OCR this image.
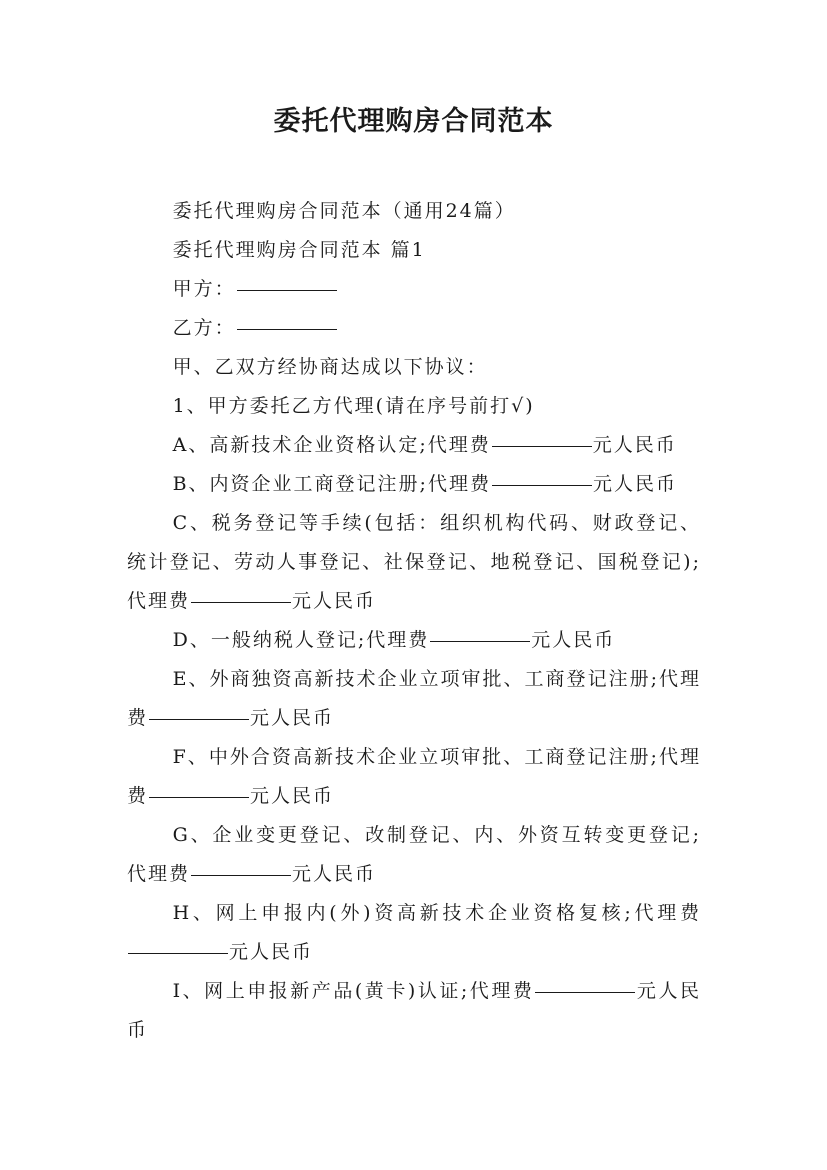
委托代理购房合同范本

委托代理购房合同范本（通用24篇）

委托代理购房合同范本 篇1

甲方：

乙方：

甲、乙双方经协商达成以下协议：

1、甲方委托乙方代理(请在序号前打√)

A、高新技术企业资格认定;代理费	元人民币

B、内资企业工商登记注册;代理费	元人民币

C、税务登记等手续(包括：组织机构代码、财政登记、统计登记、劳动人事登记、社保登记、地税登记、国税登记);代理费	元人民币

D、一般纳税人登记;代理费	元人民币

E、外商独资高新技术企业立项审批、工商登记注册;代理费	元人民币

F、中外合资高新技术企业立项审批、工商登记注册;代理费	元人民币

G、企业变更登记、改制登记、内、外资互转变更登记;代理费	元人民币

H、网上申报内(外)资高新技术企业资格复核;代理费元人民币

I、网上申报新产品(黄卡)认证;代理费	元人民币
